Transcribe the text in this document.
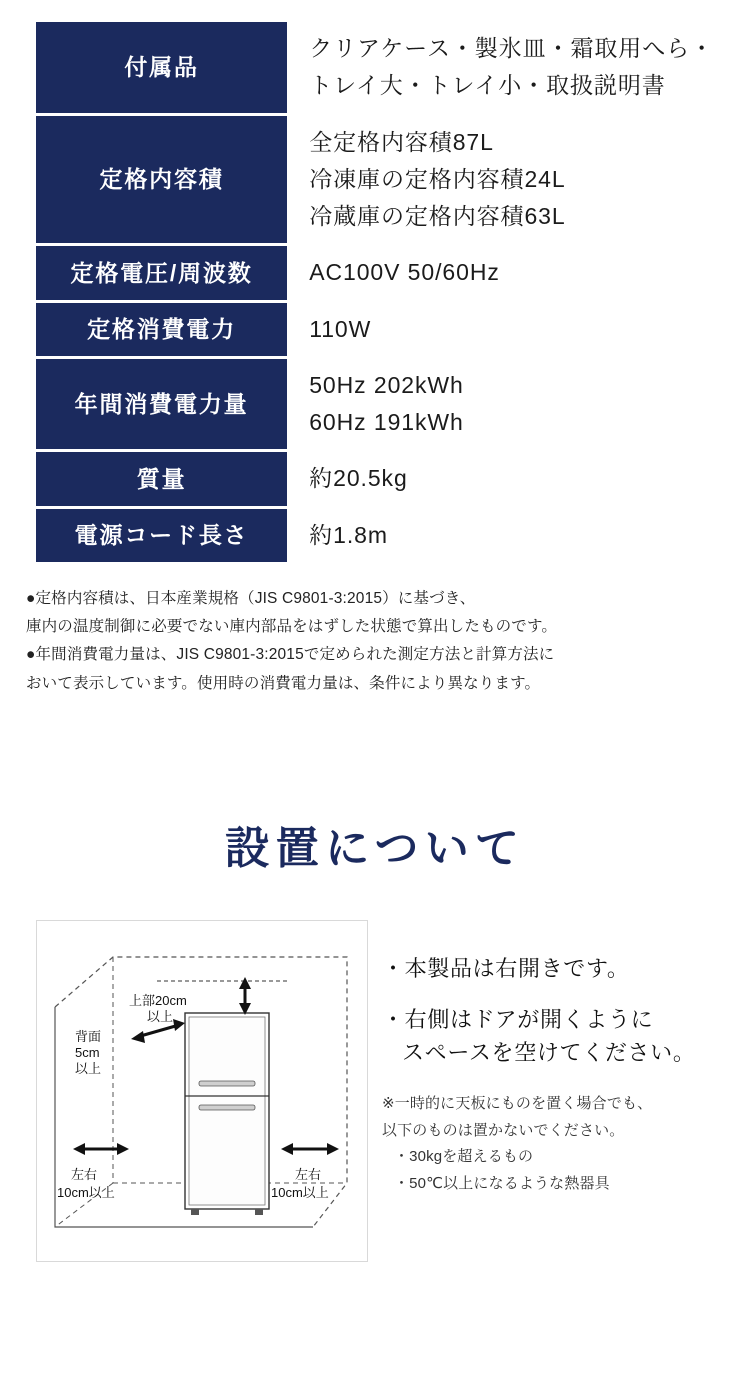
付属品	クリアケース・製氷皿・霜取用へら・
トレイ大・トレイ小・取扱説明書

定格内容積	全定格内容積87L
冷凍庫の定格内容積24L
冷蔵庫の定格内容積63L

定格電圧/周波数	AC100V 50/60Hz

定格消費電力	110W

年間消費電力量	50Hz 202kWh
60Hz 191kWh

質量	約20.5kg

電源コード長さ	約1.8m

●定格内容積は、日本産業規格（JIS C9801-3:2015）に基づき、

庫内の温度制御に必要でない庫内部品をはずした状態で算出したものです。

●年間消費電力量は、JIS C9801-3:2015で定められた測定方法と計算方法に

おいて表示しています。使用時の消費電力量は、条件により異なります。

設置について
上部20cm
以上
背面
5cm
以上
左右
10cm以上
左右
10cm以上
・本製品は右開きです。
・右側はドアが開くように
スペースを空けてください。
※一時的に天板にものを置く場合でも、
以下のものは置かないでください。
・30kgを超えるもの
・50℃以上になるような熱器具
